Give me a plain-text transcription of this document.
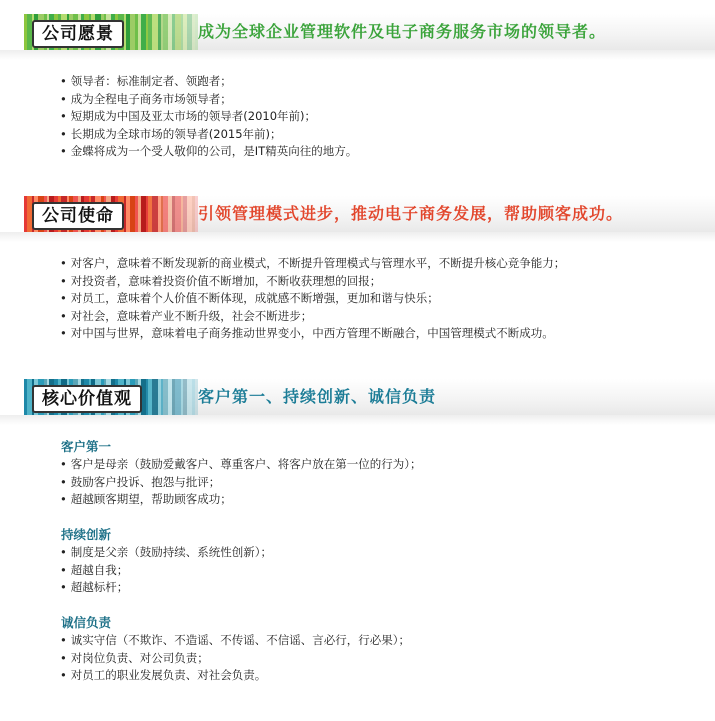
公司愿景	成为全球企业管理软件及电子商务服务市场的领导者。
• 领导者：标准制定者、领跑者；
• 成为全程电子商务市场领导者；
• 短期成为中国及亚太市场的领导者(2010年前)；
• 长期成为全球市场的领导者(2015年前)；
• 金蝶将成为一个受人敬仰的公司，是IT精英向往的地方。
公司使命	引领管理模式进步，推动电子商务发展，帮助顾客成功。
• 对客户，意味着不断发现新的商业模式，不断提升管理模式与管理水平，不断提升核心竞争能力；
• 对投资者，意味着投资价值不断增加，不断收获理想的回报；
• 对员工，意味着个人价值不断体现，成就感不断增强，更加和谐与快乐；
• 对社会，意味着产业不断升级，社会不断进步；
• 对中国与世界，意味着电子商务推动世界变小，中西方管理不断融合，中国管理模式不断成功。
核心价值观	客户第一、持续创新、诚信负责
客户第一
• 客户是母亲（鼓励爱戴客户、尊重客户、将客户放在第一位的行为）；
• 鼓励客户投诉、抱怨与批评；
• 超越顾客期望，帮助顾客成功；
持续创新
• 制度是父亲（鼓励持续、系统性创新）；
• 超越自我；
• 超越标杆；
诚信负责
• 诚实守信（不欺诈、不造谣、不传谣、不信谣、言必行，行必果）；
• 对岗位负责、对公司负责；
• 对员工的职业发展负责、对社会负责。
